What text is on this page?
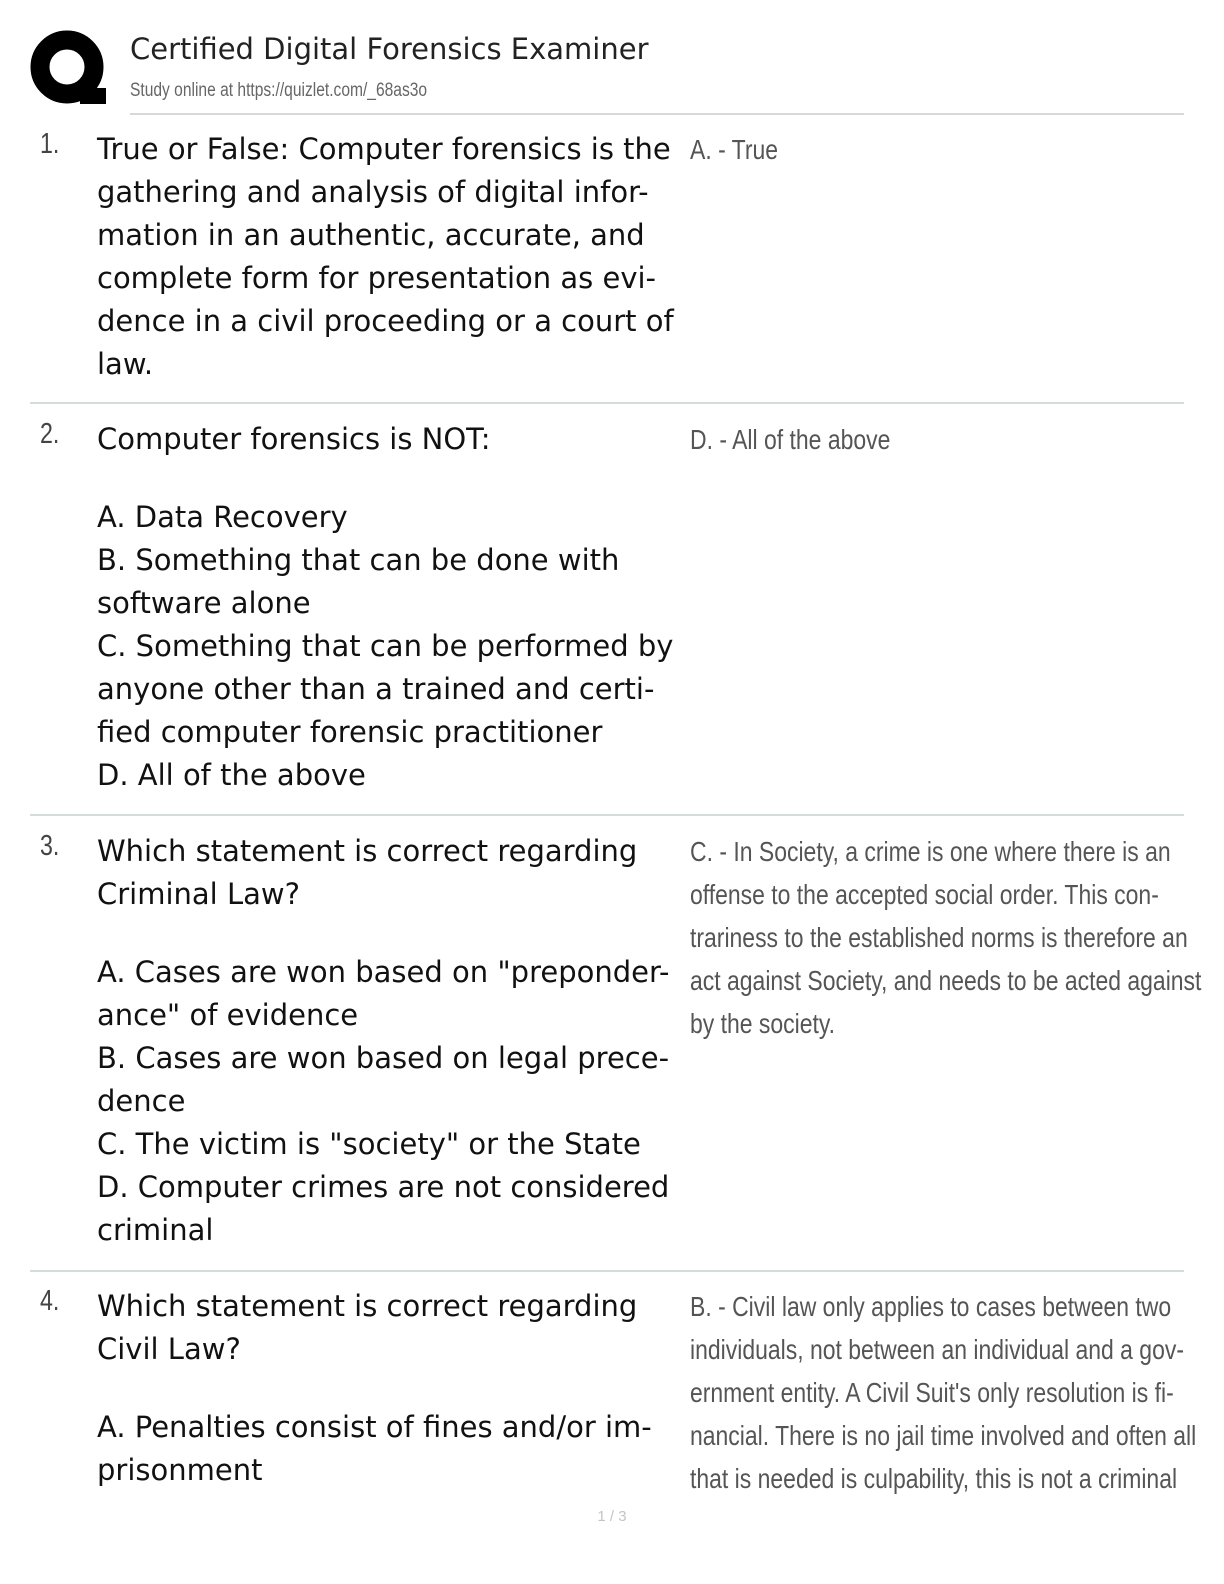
Certified Digital Forensics Examiner
Study online at https://quizlet.com/_68as3o
1. True or False: Computer forensics is the
gathering and analysis of digital infor-
mation in an authentic, accurate, and
complete form for presentation as evi-
dence in a civil proceeding or a court of
law.
A. - True
2. Computer forensics is NOT:
A. Data Recovery
B. Something that can be done with
software alone
C. Something that can be performed by
anyone other than a trained and certi-
fied computer forensic practitioner
D. All of the above
D. - All of the above
3. Which statement is correct regarding
Criminal Law?
A. Cases are won based on "preponder-
ance" of evidence
B. Cases are won based on legal prece-
dence
C. The victim is "society" or the State
D. Computer crimes are not considered
criminal
C. - In Society, a crime is one where there is an
offense to the accepted social order. This con-
trariness to the established norms is therefore an
act against Society, and needs to be acted against
by the society.
4. Which statement is correct regarding
Civil Law?
A. Penalties consist of fines and/or im-
prisonment
B. - Civil law only applies to cases between two
individuals, not between an individual and a gov-
ernment entity. A Civil Suit's only resolution is fi-
nancial. There is no jail time involved and often all
that is needed is culpability, this is not a criminal
1 / 3
